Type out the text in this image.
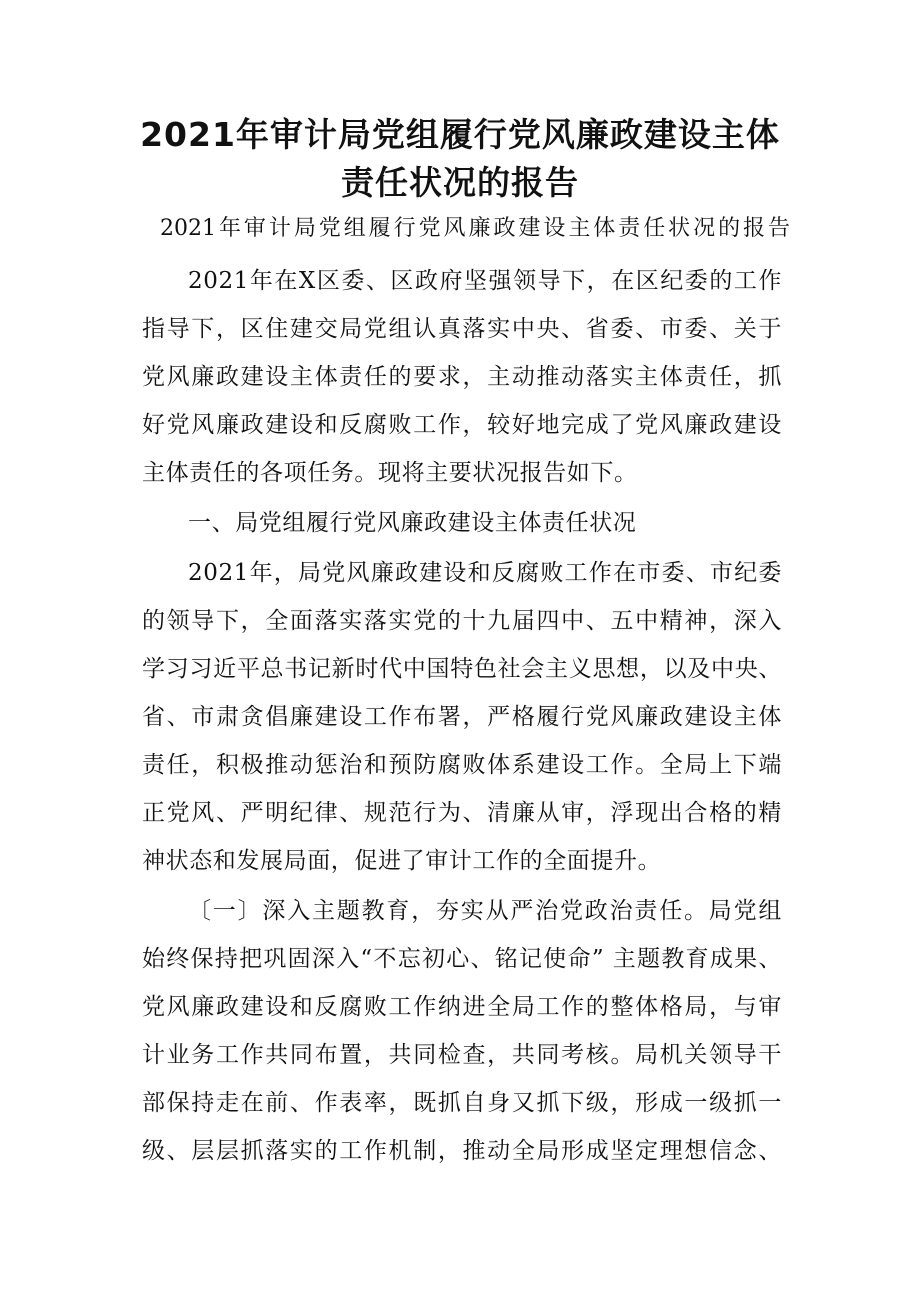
2021年审计局党组履行党风廉政建设主体
责任状况的报告
2021年审计局党组履行党风廉政建设主体责任状况的报告
2021年在X区委、区政府坚强领导下，在区纪委的工作
指导下，区住建交局党组认真落实中央、省委、市委、关于
党风廉政建设主体责任的要求，主动推动落实主体责任，抓
好党风廉政建设和反腐败工作，较好地完成了党风廉政建设
主体责任的各项任务。现将主要状况报告如下。
一、局党组履行党风廉政建设主体责任状况
2021年，局党风廉政建设和反腐败工作在市委、市纪委
的领导下，全面落实落实党的十九届四中、五中精神，深入
学习习近平总书记新时代中国特色社会主义思想，以及中央、
省、市肃贪倡廉建设工作布署，严格履行党风廉政建设主体
责任，积极推动惩治和预防腐败体系建设工作。全局上下端
正党风、严明纪律、规范行为、清廉从审，浮现出合格的精
神状态和发展局面，促进了审计工作的全面提升。
〔一〕深入主题教育，夯实从严治党政治责任。局党组
始终保持把巩固深入“不忘初心、铭记使命” 主题教育成果、
党风廉政建设和反腐败工作纳进全局工作的整体格局，与审
计业务工作共同布置，共同检查，共同考核。局机关领导干
部保持走在前、作表率，既抓自身又抓下级，形成一级抓一
级、层层抓落实的工作机制，推动全局形成坚定理想信念、
